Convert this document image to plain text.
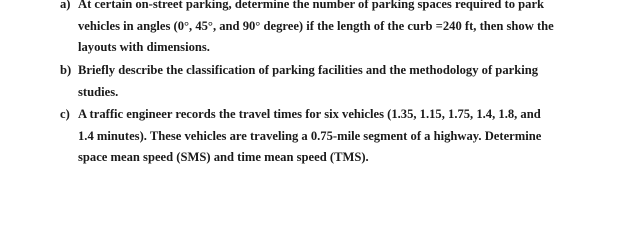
a) At certain on-street parking, determine the number of parking spaces required to park
vehicles in angles (0°, 45°, and 90° degree) if the length of the curb =240 ft, then show the
layouts with dimensions.
b) Briefly describe the classification of parking facilities and the methodology of parking
studies.
c) A traffic engineer records the travel times for six vehicles (1.35, 1.15, 1.75, 1.4, 1.8, and
1.4 minutes). These vehicles are traveling a 0.75-mile segment of a highway. Determine
space mean speed (SMS) and time mean speed (TMS).
